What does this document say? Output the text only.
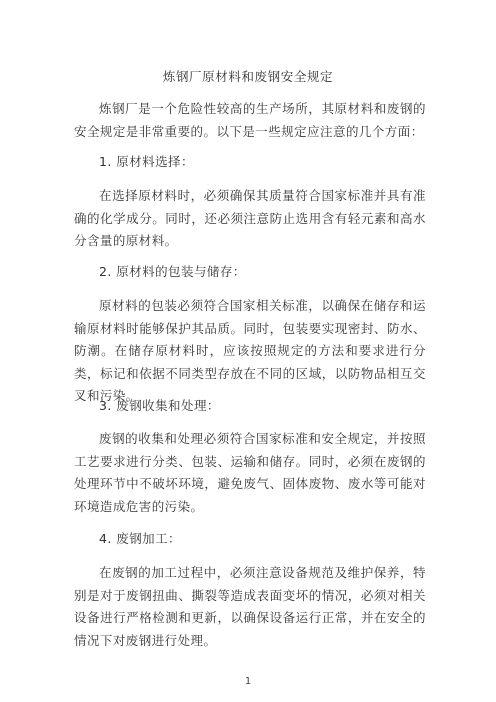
炼钢厂原材料和废钢安全规定

炼钢厂是一个危险性较高的生产场所，其原材料和废钢的安全规定是非常重要的。以下是一些规定应注意的几个方面：

1. 原材料选择：

在选择原材料时，必须确保其质量符合国家标准并具有准确的化学成分。同时，还必须注意防止选用含有轻元素和高水分含量的原材料。

2. 原材料的包装与储存：

原材料的包装必须符合国家相关标准，以确保在储存和运输原材料时能够保护其品质。同时，包装要实现密封、防水、防潮。在储存原材料时，应该按照规定的方法和要求进行分类，标记和依据不同类型存放在不同的区域，以防物品相互交叉和污染。

3. 废钢收集和处理：

废钢的收集和处理必须符合国家标准和安全规定，并按照工艺要求进行分类、包装、运输和储存。同时，必须在废钢的处理环节中不破坏环境，避免废气、固体废物、废水等可能对环境造成危害的污染。

4. 废钢加工：

在废钢的加工过程中，必须注意设备规范及维护保养，特别是对于废钢扭曲、撕裂等造成表面变坏的情况，必须对相关设备进行严格检测和更新，以确保设备运行正常，并在安全的情况下对废钢进行处理。

1
